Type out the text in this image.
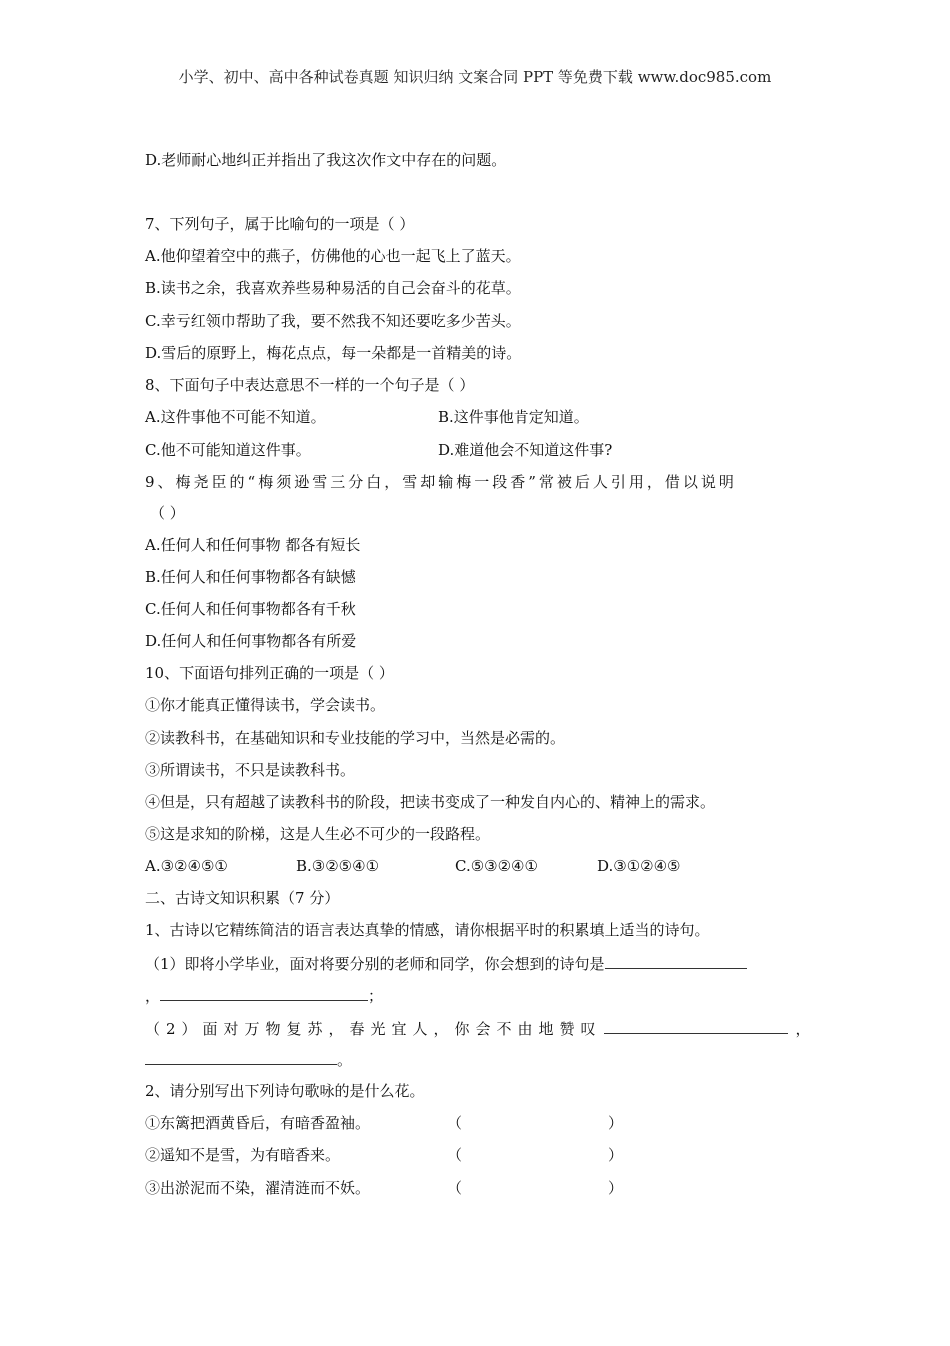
小学、初中、高中各种试卷真题 知识归纳 文案合同 PPT 等免费下载 www.doc985.com
D.老师耐心地纠正并指出了我这次作文中存在的问题。
7、下列句子，属于比喻句的一项是（ ）
A.他仰望着空中的燕子，仿佛他的心也一起飞上了蓝天。
B.读书之余，我喜欢养些易种易活的自己会奋斗的花草。
C.幸亏红领巾帮助了我，要不然我不知还要吃多少苦头。
D.雪后的原野上，梅花点点，每一朵都是一首精美的诗。
8、下面句子中表达意思不一样的一个句子是（ ）
A.这件事他不可能不知道。	B.这件事他肯定知道。
C.他不可能知道这件事。	D.难道他会不知道这件事?
9、梅尧臣的“梅须逊雪三分白，雪却输梅一段香”常被后人引用，借以说明
（ ）
A.任何人和任何事物 都各有短长
B.任何人和任何事物都各有缺憾
C.任何人和任何事物都各有千秋
D.任何人和任何事物都各有所爱
10、下面语句排列正确的一项是（ ）
①你才能真正懂得读书，学会读书。
②读教科书，在基础知识和专业技能的学习中，当然是必需的。
③所谓读书，不只是读教科书。
④但是，只有超越了读教科书的阶段，把读书变成了一种发自内心的、精神上的需求。
⑤这是求知的阶梯，这是人生必不可少的一段路程。
A.③②④⑤①	B.③②⑤④①	C.⑤③②④①	D.③①②④⑤
二、古诗文知识积累（7 分）
1、古诗以它精练简洁的语言表达真挚的情感，请你根据平时的积累填上适当的诗句。
（1）即将小学毕业，面对将要分别的老师和同学，你会想到的诗句是
，	；
（2）面对万物复苏，春光宜人，你会不由地赞叹	，
。
2、请分别写出下列诗句歌咏的是什么花。
①东篱把酒黄昏后，有暗香盈袖。	（	）
②遥知不是雪，为有暗香来。	（	）
③出淤泥而不染，濯清涟而不妖。	（	）
